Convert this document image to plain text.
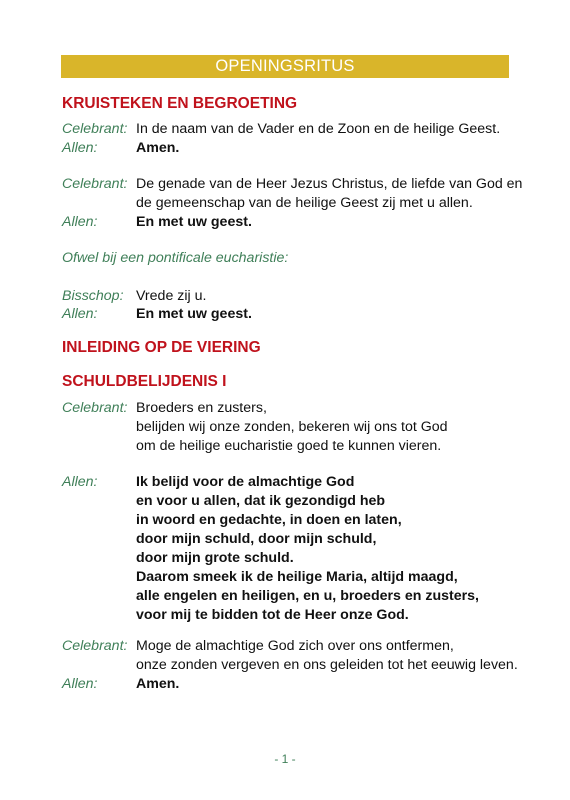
OPENINGSRITUS
KRUISTEKEN EN BEGROETING
Celebrant: In de naam van de Vader en de Zoon en de heilige Geest.
Allen:	Amen.
Celebrant: De genade van de Heer Jezus Christus, de liefde van God en
de gemeenschap van de heilige Geest zij met u allen.
Allen:	En met uw geest.
Ofwel bij een pontificale eucharistie:
Bisschop: Vrede zij u.
Allen:	En met uw geest.
INLEIDING OP DE VIERING
SCHULDBELIJDENIS I
Celebrant: Broeders en zusters,
belijden wij onze zonden, bekeren wij ons tot God
om de heilige eucharistie goed te kunnen vieren.
Allen:	Ik belijd voor de almachtige God
en voor u allen, dat ik gezondigd heb
in woord en gedachte, in doen en laten,
door mijn schuld, door mijn schuld,
door mijn grote schuld.
Daarom smeek ik de heilige Maria, altijd maagd,
alle engelen en heiligen, en u, broeders en zusters,
voor mij te bidden tot de Heer onze God.
Celebrant: Moge de almachtige God zich over ons ontfermen,
onze zonden vergeven en ons geleiden tot het eeuwig leven.
Allen:	Amen.
- 1 -
